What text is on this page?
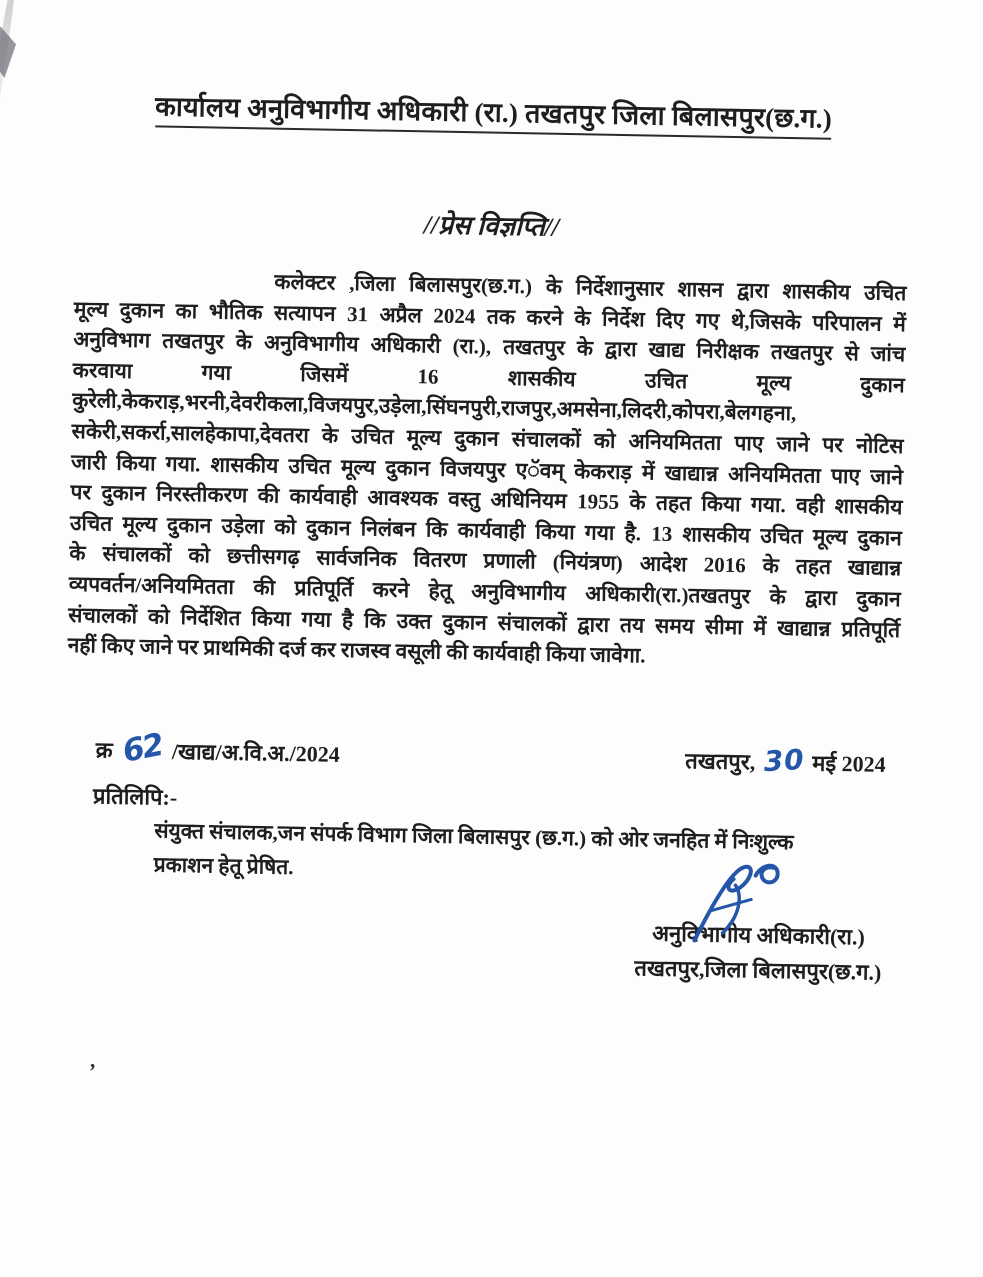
कार्यालय अनुविभागीय अधिकारी (रा.) तखतपुर जिला बिलासपुर(छ.ग.)
//प्रेस विज्ञप्ति//
कलेक्टर ,जिला बिलासपुर(छ.ग.) के निर्देशानुसार शासन द्वारा शासकीय उचित
मूल्य दुकान का भौतिक सत्यापन 31 अप्रैल 2024 तक करने के निर्देश दिए गए थे,जिसके परिपालन में
अनुविभाग तखतपुर के अनुविभागीय अधिकारी (रा.), तखतपुर के द्वारा खाद्य निरीक्षक तखतपुर से जांच
करवाया गया जिसमें 16 शासकीय उचित मूल्य दुकान
कुरेली,केकराड़,भरनी,देवरीकला,विजयपुर,उड़ेला,सिंघनपुरी,राजपुर,अमसेना,लिदरी,कोपरा,बेलगहना,
सकेरी,सकर्रा,सालहेकापा,देवतरा के उचित मूल्य दुकान संचालकों को अनियमितता पाए जाने पर नोटिस
जारी किया गया. शासकीय उचित मूल्य दुकान विजयपुर एॅवम् केकराड़ में खाद्यान्न अनियमितता पाए जाने
पर दुकान निरस्तीकरण की कार्यवाही आवश्यक वस्तु अधिनियम 1955 के तहत किया गया. वही शासकीय
उचित मूल्य दुकान उड़ेला को दुकान निलंबन कि कार्यवाही किया गया है. 13 शासकीय उचित मूल्य दुकान
के संचालकों को छत्तीसगढ़ सार्वजनिक वितरण प्रणाली (नियंत्रण) आदेश 2016 के तहत खाद्यान्न
व्यपवर्तन/अनियमितता की प्रतिपूर्ति करने हेतू अनुविभागीय अधिकारी(रा.)तखतपुर के द्वारा दुकान
संचालकों को निर्देशित किया गया है कि उक्त दुकान संचालकों द्वारा तय समय सीमा में खाद्यान्न प्रतिपूर्ति
नहीं किए जाने पर प्राथमिकी दर्ज कर राजस्व वसूली की कार्यवाही किया जावेगा.
क्र 62 /खाद्य/अ.वि.अ./2024	तखतपुर, 30 मई 2024
प्रतिलिपि:-
संयुक्त संचालक,जन संपर्क विभाग जिला बिलासपुर (छ.ग.) को ओर जनहित में निःशुल्क
प्रकाशन हेतू प्रेषित.
अनुविभागीय अधिकारी(रा.)
तखतपुर,जिला बिलासपुर(छ.ग.)
,
